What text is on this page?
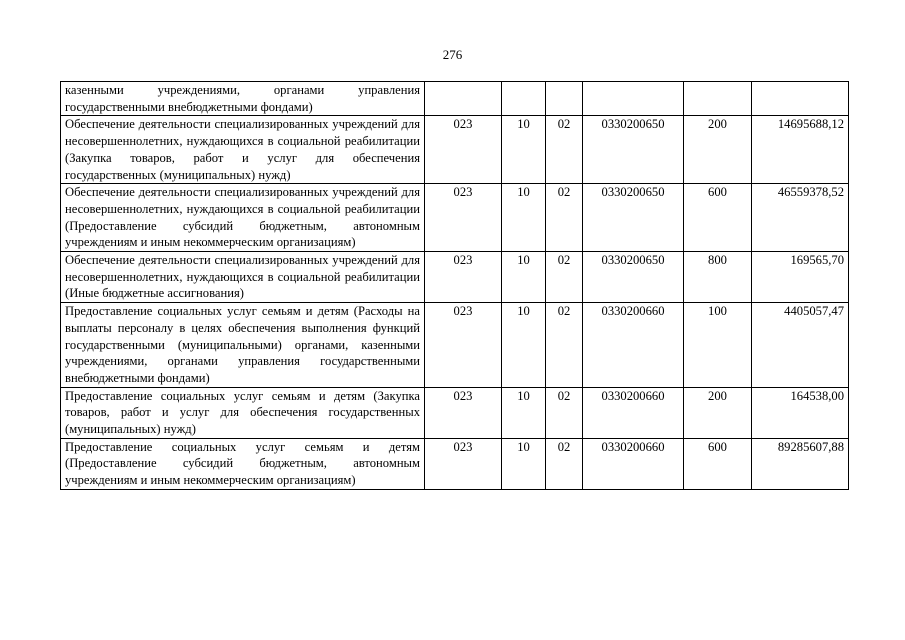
276
казенными учреждениями, органами управления государственными внебюджетными фондами)						
Обеспечение деятельности специализированных учреждений для несовершеннолетних, нуждающихся в социальной реабилитации (Закупка товаров, работ и услуг для обеспечения государственных (муниципальных) нужд)	023	10	02	0330200650	200	14695688,12
Обеспечение деятельности специализированных учреждений для несовершеннолетних, нуждающихся в социальной реабилитации (Предоставление субсидий бюджетным, автономным учреждениям и иным некоммерческим организациям)	023	10	02	0330200650	600	46559378,52
Обеспечение деятельности специализированных учреждений для несовершеннолетних, нуждающихся в социальной реабилитации (Иные бюджетные ассигнования)	023	10	02	0330200650	800	169565,70
Предоставление социальных услуг семьям и детям (Расходы на выплаты персоналу в целях обеспечения выполнения функций государственными (муниципальными) органами, казенными учреждениями, органами управления государственными внебюджетными фондами)	023	10	02	0330200660	100	4405057,47
Предоставление социальных услуг семьям и детям (Закупка товаров, работ и услуг для обеспечения государственных (муниципальных) нужд)	023	10	02	0330200660	200	164538,00
Предоставление социальных услуг семьям и детям (Предоставление субсидий бюджетным, автономным учреждениям и иным некоммерческим организациям)	023	10	02	0330200660	600	89285607,88
